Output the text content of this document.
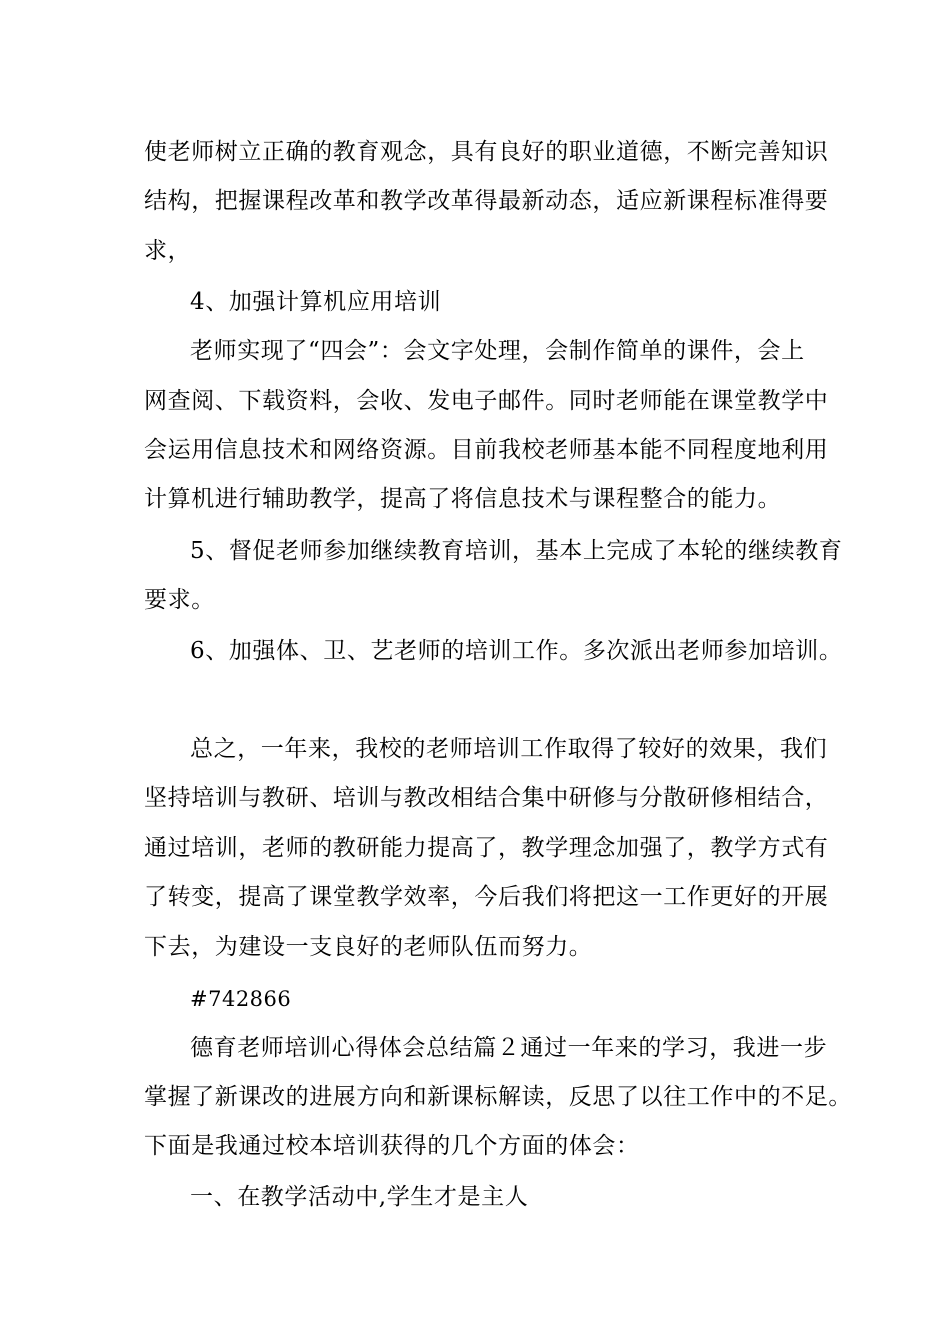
使老师树立正确的教育观念，具有良好的职业道德，不断完善知识
结构，把握课程改革和教学改革得最新动态，适应新课程标准得要
求，
4、加强计算机应用培训
老师实现了“四会”：会文字处理，会制作简单的课件，会上
网查阅、下载资料，会收、发电子邮件。同时老师能在课堂教学中
会运用信息技术和网络资源。目前我校老师基本能不同程度地利用
计算机进行辅助教学，提高了将信息技术与课程整合的能力。
5、督促老师参加继续教育培训，基本上完成了本轮的继续教育
要求。
6、加强体、卫、艺老师的培训工作。多次派出老师参加培训。
总之，一年来，我校的老师培训工作取得了较好的效果，我们
坚持培训与教研、培训与教改相结合集中研修与分散研修相结合，
通过培训，老师的教研能力提高了，教学理念加强了，教学方式有
了转变，提高了课堂教学效率，今后我们将把这一工作更好的开展
下去，为建设一支良好的老师队伍而努力。
#742866
德育老师培训心得体会总结篇２通过一年来的学习，我进一步
掌握了新课改的进展方向和新课标解读，反思了以往工作中的不足。
下面是我通过校本培训获得的几个方面的体会：
一、在教学活动中,学生才是主人
